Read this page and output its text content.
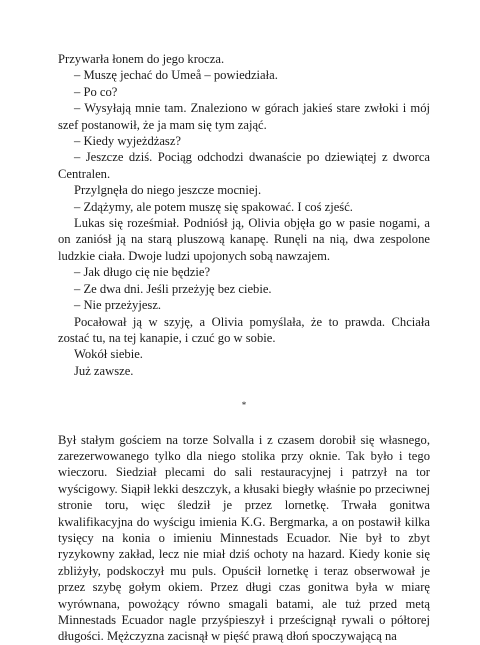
Przywarła łonem do jego krocza.

– Muszę jechać do Umeå – powiedziała.

– Po co?

– Wysyłają mnie tam. Znaleziono w górach jakieś stare zwłoki i mój szef postanowił, że ja mam się tym zająć.

– Kiedy wyjeżdżasz?

– Jeszcze dziś. Pociąg odchodzi dwanaście po dziewiątej z dworca Centralen.

Przylgnęła do niego jeszcze mocniej.

– Zdążymy, ale potem muszę się spakować. I coś zjeść.

Lukas się roześmiał. Podniósł ją, Olivia objęła go w pasie nogami, a on zaniósł ją na starą pluszową kanapę. Runęli na nią, dwa zespolone ludzkie ciała. Dwoje ludzi upojonych sobą nawzajem.

– Jak długo cię nie będzie?

– Ze dwa dni. Jeśli przeżyję bez ciebie.

– Nie przeżyjesz.

Pocałował ją w szyję, a Olivia pomyślała, że to prawda. Chciała zostać tu, na tej kanapie, i czuć go w sobie.

Wokół siebie.

Już zawsze.

*

Był stałym gościem na torze Solvalla i z czasem dorobił się własnego, zarezerwowanego tylko dla niego stolika przy oknie. Tak było i tego wieczoru. Siedział plecami do sali restauracyjnej i patrzył na tor wyścigowy. Siąpił lekki deszczyk, a kłusaki biegły właśnie po przeciwnej stronie toru, więc śledził je przez lornetkę. Trwała gonitwa kwalifikacyjna do wyścigu imienia K.G. Bergmarka, a on postawił kilka tysięcy na konia o imieniu Minnestads Ecuador. Nie był to zbyt ryzykowny zakład, lecz nie miał dziś ochoty na hazard. Kiedy konie się zbliżyły, podskoczył mu puls. Opuścił lornetkę i teraz obserwował je przez szybę gołym okiem. Przez długi czas gonitwa była w miarę wyrównana, powożący równo smagali batami, ale tuż przed metą Minnestads Ecuador nagle przyśpieszył i prześcignął rywali o półtorej długości. Mężczyzna zacisnął w pięść prawą dłoń spoczywającą na
